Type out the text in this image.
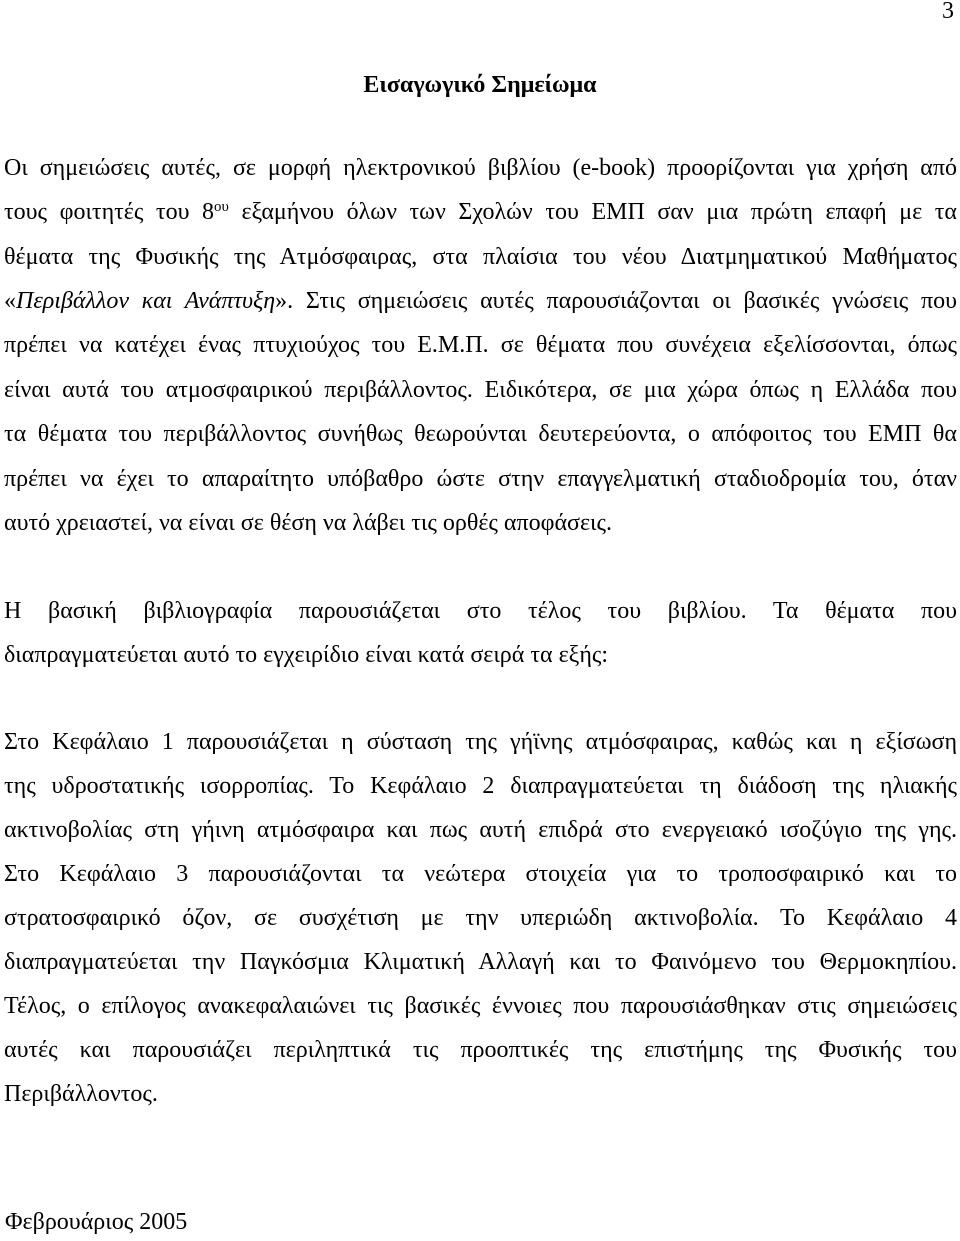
3
Εισαγωγικό Σημείωμα
Οι σημειώσεις αυτές, σε μορφή ηλεκτρονικού βιβλίου (e-book) προορίζονται για χρήση από
τους φοιτητές του $8^{o\upsilon}$ εξαμήνου όλων των Σχολών του ΕΜΠ σαν μια πρώτη επαφή με τα
θέματα της Φυσικής της Ατμόσφαιρας, στα πλαίσια του νέου Διατμηματικού Μαθήματος
«Περιβάλλον και Ανάπτυξη». Στις σημειώσεις αυτές παρουσιάζονται οι βασικές γνώσεις που
πρέπει να κατέχει ένας πτυχιούχος του Ε.Μ.Π. σε θέματα που συνέχεια εξελίσσονται, όπως
είναι αυτά του ατμοσφαιρικού περιβάλλοντος. Ειδικότερα, σε μια χώρα όπως η Ελλάδα που
τα θέματα του περιβάλλοντος συνήθως θεωρούνται δευτερεύοντα, ο απόφοιτος του ΕΜΠ θα
πρέπει να έχει το απαραίτητο υπόβαθρο ώστε στην επαγγελματική σταδιοδρομία του, όταν
αυτό χρειαστεί, να είναι σε θέση να λάβει τις ορθές αποφάσεις.
Η βασική βιβλιογραφία παρουσιάζεται στο τέλος του βιβλίου. Τα θέματα που
διαπραγματεύεται αυτό το εγχειρίδιο είναι κατά σειρά τα εξής:
Στο Κεφάλαιο 1 παρουσιάζεται η σύσταση της γήϊνης ατμόσφαιρας, καθώς και η εξίσωση
της υδροστατικής ισορροπίας. Το Κεφάλαιο 2 διαπραγματεύεται τη διάδοση της ηλιακής
ακτινοβολίας στη γήινη ατμόσφαιρα και πως αυτή επιδρά στο ενεργειακό ισοζύγιο της γης.
Στο Κεφάλαιο 3 παρουσιάζονται τα νεώτερα στοιχεία για το τροποσφαιρικό και το
στρατοσφαιρικό όζον, σε συσχέτιση με την υπεριώδη ακτινοβολία. Το Κεφάλαιο 4
διαπραγματεύεται την Παγκόσμια Κλιματική Αλλαγή και το Φαινόμενο του Θερμοκηπίου.
Τέλος, ο επίλογος ανακεφαλαιώνει τις βασικές έννοιες που παρουσιάσθηκαν στις σημειώσεις
αυτές και παρουσιάζει περιληπτικά τις προοπτικές της επιστήμης της Φυσικής του
Περιβάλλοντος.
Φεβρουάριος 2005
